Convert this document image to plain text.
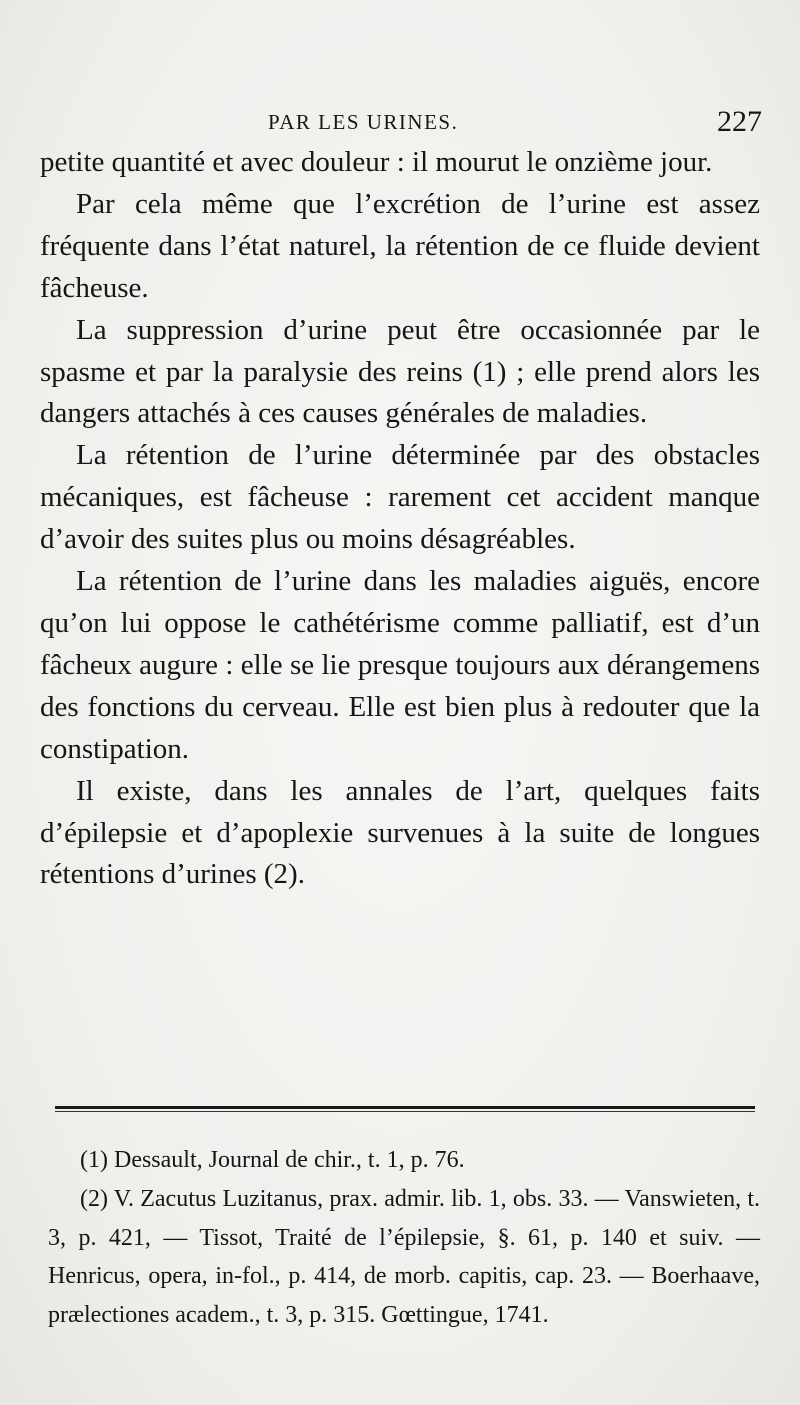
PAR LES URINES.	227

petite quantité et avec douleur : il mourut le onzième jour.

Par cela même que l’excrétion de l’urine est assez fréquente dans l’état naturel, la rétention de ce fluide devient fâcheuse.

La suppression d’urine peut être occasionnée par le spasme et par la paralysie des reins (1) ; elle prend alors les dangers attachés à ces causes générales de maladies.

La rétention de l’urine déterminée par des obstacles mécaniques, est fâcheuse : rarement cet accident manque d’avoir des suites plus ou moins désagréables.

La rétention de l’urine dans les maladies aiguës, encore qu’on lui oppose le cathétérisme comme palliatif, est d’un fâcheux augure : elle se lie presque toujours aux dérangemens des fonctions du cerveau. Elle est bien plus à redouter que la constipation.

Il existe, dans les annales de l’art, quelques faits d’épilepsie et d’apoplexie survenues à la suite de longues rétentions d’urines (2).

(1) Dessault, Journal de chir., t. 1, p. 76.

(2) V. Zacutus Luzitanus, prax. admir. lib. 1, obs. 33. — Vanswieten, t. 3, p. 421, — Tissot, Traité de l’épilepsie, §. 61, p. 140 et suiv. — Henricus, opera, in-fol., p. 414, de morb. capitis, cap. 23. — Boerhaave, prælectiones academ., t. 3, p. 315. Gœttingue, 1741.
